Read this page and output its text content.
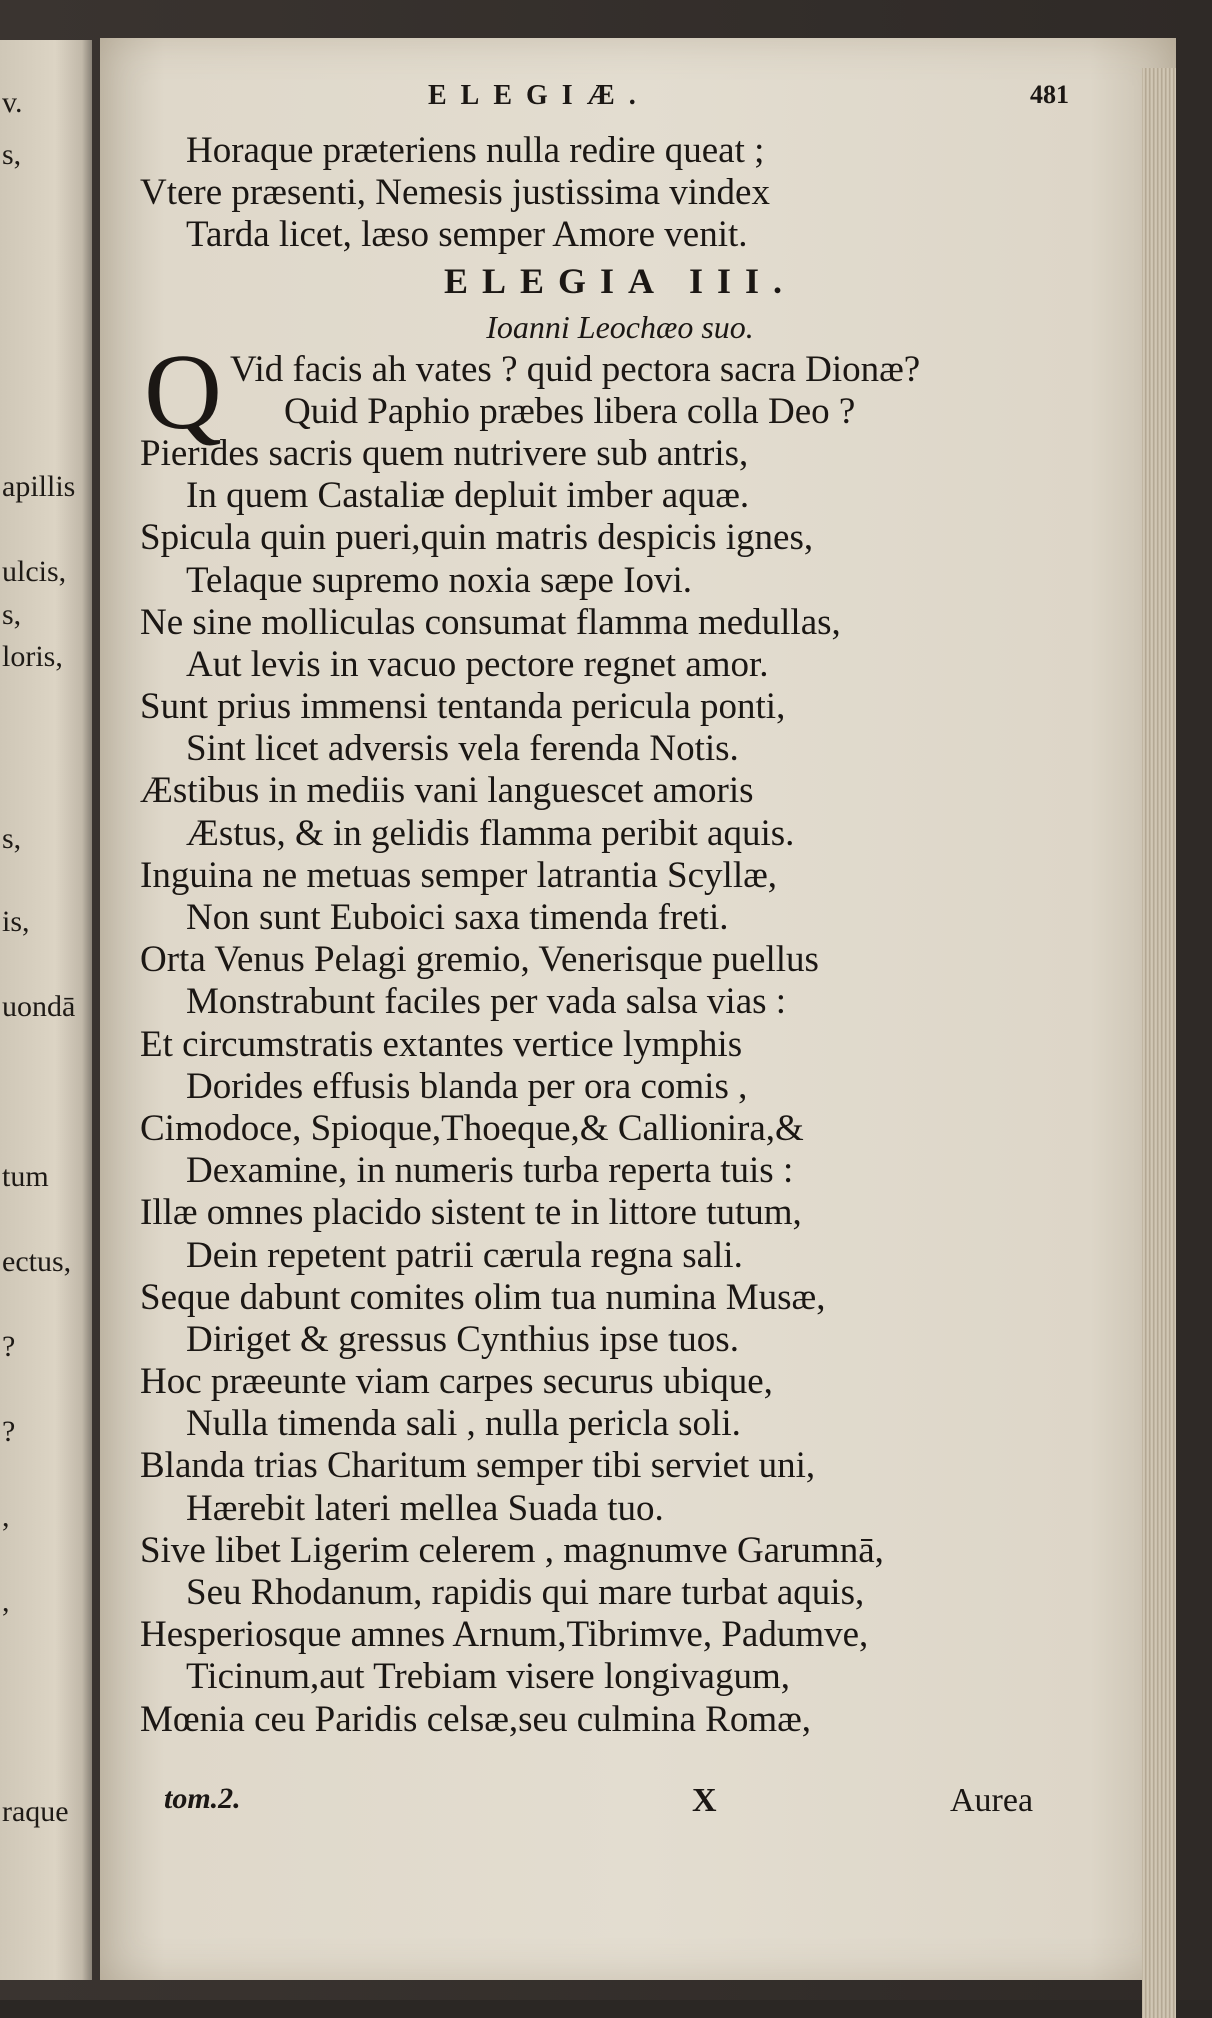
v.
s,
apillis
ulcis,
s,
loris,
s,
is,
uondā
tum
ectus,
?
?
,
,
raque
ELEGIÆ.	481
Horaque præteriens nulla redire queat ;
Vtere præsenti, Nemesis justissima vindex
Tarda licet, læso semper Amore venit.
ELEGIA III.
Ioanni Leochæo suo.
Q Vid facis ah vates ? quid pectora sacra Dionæ?
Quid Paphio præbes libera colla Deo ?
Pierides sacris quem nutrivere sub antris,
In quem Castaliæ depluit imber aquæ.
Spicula quin pueri,quin matris despicis ignes,
Telaque supremo noxia sæpe Iovi.
Ne sine molliculas consumat flamma medullas,
Aut levis in vacuo pectore regnet amor.
Sunt prius immensi tentanda pericula ponti,
Sint licet adversis vela ferenda Notis.
Æstibus in mediis vani languescet amoris
Æstus, & in gelidis flamma peribit aquis.
Inguina ne metuas semper latrantia Scyllæ,
Non sunt Euboici saxa timenda freti.
Orta Venus Pelagi gremio, Venerisque puellus
Monstrabunt faciles per vada salsa vias :
Et circumstratis extantes vertice lymphis
Dorides effusis blanda per ora comis ,
Cimodoce, Spioque,Thoeque,& Callionira,&
Dexamine, in numeris turba reperta tuis :
Illæ omnes placido sistent te in littore tutum,
Dein repetent patrii cærula regna sali.
Seque dabunt comites olim tua numina Musæ,
Diriget & gressus Cynthius ipse tuos.
Hoc præeunte viam carpes securus ubique,
Nulla timenda sali , nulla pericla soli.
Blanda trias Charitum semper tibi serviet uni,
Hærebit lateri mellea Suada tuo.
Sive libet Ligerim celerem , magnumve Garumnā,
Seu Rhodanum, rapidis qui mare turbat aquis,
Hesperiosque amnes Arnum,Tibrimve, Padumve,
Ticinum,aut Trebiam visere longivagum,
Mœnia ceu Paridis celsæ,seu culmina Romæ,
tom.2.	X	Aurea
